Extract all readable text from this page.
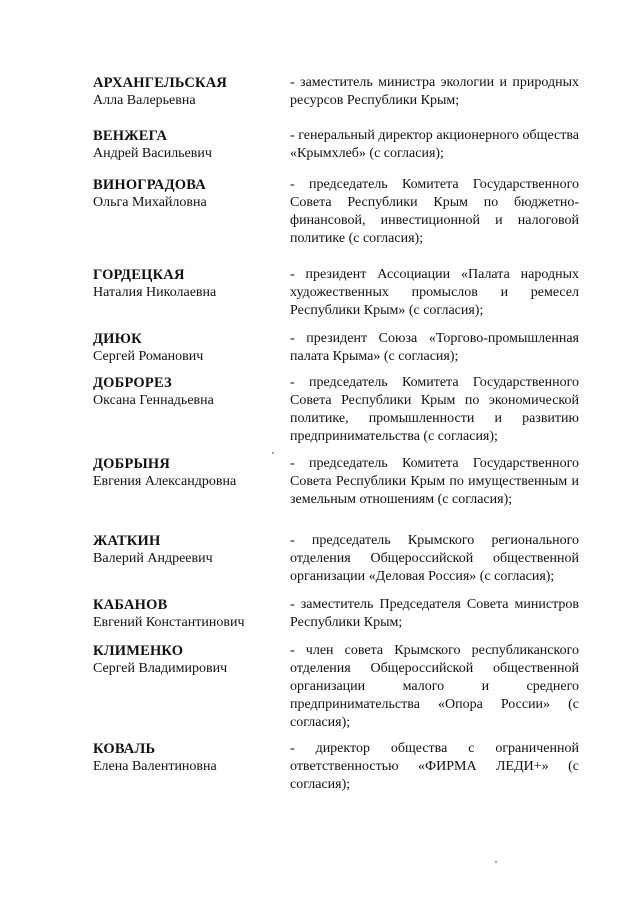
АРХАНГЕЛЬСКАЯ
Алла Валерьевна
- заместитель министра экологии и природных ресурсов Республики Крым;
ВЕНЖЕГА
Андрей Васильевич
- генеральный директор акционерного общества «Крымхлеб» (с согласия);
ВИНОГРАДОВА
Ольга Михайловна
- председатель Комитета Государственного Совета Республики Крым по бюджетно-финансовой, инвестиционной и налоговой политике (с согласия);
ГОРДЕЦКАЯ
Наталия Николаевна
- президент Ассоциации «Палата народных художественных промыслов и ремесел Республики Крым» (с согласия);
ДИЮК
Сергей Романович
- президент Союза «Торгово-промышленная палата Крыма» (с согласия);
ДОБРОРЕЗ
Оксана Геннадьевна
- председатель Комитета Государственного Совета Республики Крым по экономической политике, промышленности и развитию предпринимательства (с согласия);
ДОБРЫНЯ
Евгения Александровна
- председатель Комитета Государственного Совета Республики Крым по имущественным и земельным отношениям (с согласия);
ЖАТКИН
Валерий Андреевич
- председатель Крымского регионального отделения Общероссийской общественной организации «Деловая Россия» (с согласия);
КАБАНОВ
Евгений Константинович
- заместитель Председателя Совета министров Республики Крым;
КЛИМЕНКО
Сергей Владимирович
- член совета Крымского республиканского отделения Общероссийской общественной организации малого и среднего предпринимательства «Опора России» (с согласия);
КОВАЛЬ
Елена Валентиновна
- директор общества с ограниченной ответственностью «ФИРМА ЛЕДИ+» (с согласия);
